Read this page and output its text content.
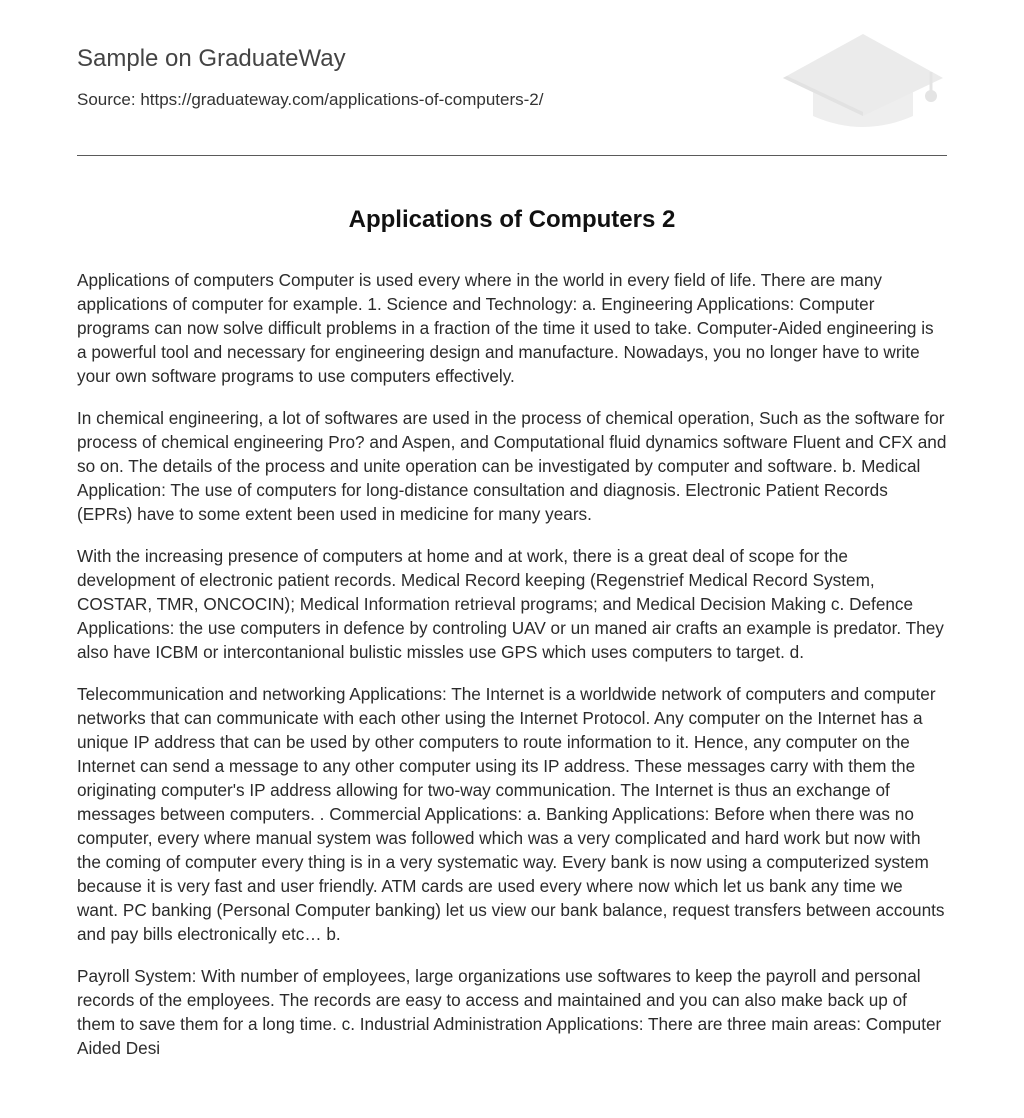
Sample on GraduateWay
Source: https://graduateway.com/applications-of-computers-2/
Applications of Computers 2

Applications of computers Computer is used every where in the world in every field of life. There are many applications of computer for example. 1. Science and Technology: a. Engineering Applications: Computer programs can now solve difficult problems in a fraction of the time it used to take. Computer-Aided engineering is a powerful tool and necessary for engineering design and manufacture. Nowadays, you no longer have to write your own software programs to use computers effectively.

In chemical engineering, a lot of softwares are used in the process of chemical operation, Such as the software for process of chemical engineering Pro? and Aspen, and Computational fluid dynamics software Fluent and CFX and so on. The details of the process and unite operation can be investigated by computer and software. b. Medical Application: The use of computers for long-distance consultation and diagnosis. Electronic Patient Records (EPRs) have to some extent been used in medicine for many years.

With the increasing presence of computers at home and at work, there is a great deal of scope for the development of electronic patient records. Medical Record keeping (Regenstrief Medical Record System, COSTAR, TMR, ONCOCIN); Medical Information retrieval programs; and Medical Decision Making c. Defence Applications: the use computers in defence by controling UAV or un maned air crafts an example is predator. They also have ICBM or intercontanional bulistic missles use GPS which uses computers to target. d.

Telecommunication and networking Applications: The Internet is a worldwide network of computers and computer networks that can communicate with each other using the Internet Protocol. Any computer on the Internet has a unique IP address that can be used by other computers to route information to it. Hence, any computer on the Internet can send a message to any other computer using its IP address. These messages carry with them the originating computer's IP address allowing for two-way communication. The Internet is thus an exchange of messages between computers. . Commercial Applications: a. Banking Applications: Before when there was no computer, every where manual system was followed which was a very complicated and hard work but now with the coming of computer every thing is in a very systematic way. Every bank is now using a computerized system because it is very fast and user friendly. ATM cards are used every where now which let us bank any time we want. PC banking (Personal Computer banking) let us view our bank balance, request transfers between accounts and pay bills electronically etc… b.

Payroll System: With number of employees, large organizations use softwares to keep the payroll and personal records of the employees. The records are easy to access and maintained and you can also make back up of them to save them for a long time. c. Industrial Administration Applications: There are three main areas: Computer Aided Desi
